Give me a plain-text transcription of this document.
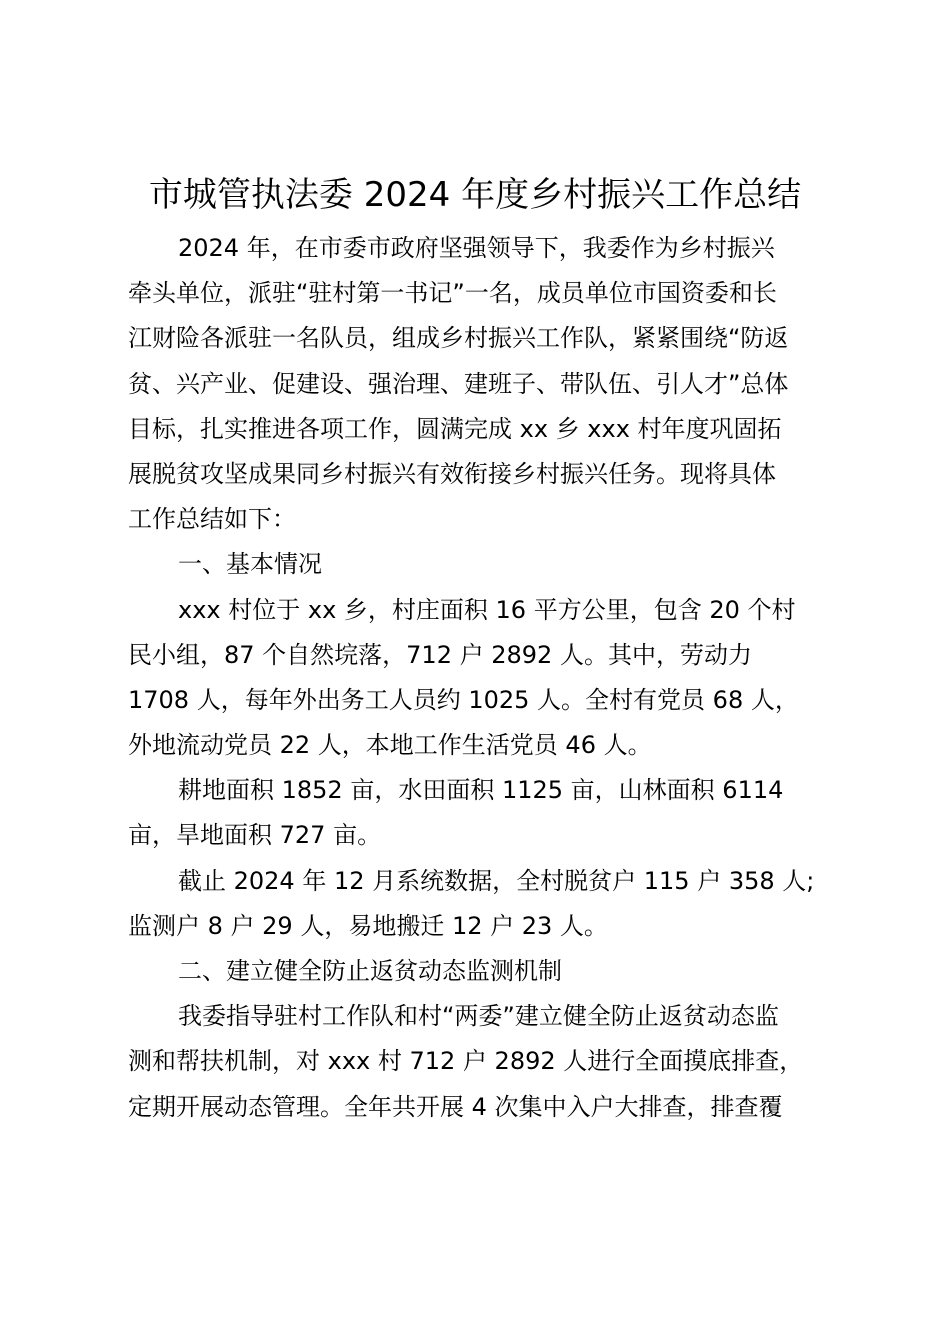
市城管执法委 2024 年度乡村振兴工作总结
2024 年，在市委市政府坚强领导下，我委作为乡村振兴
牵头单位，派驻“驻村第一书记”一名，成员单位市国资委和长
江财险各派驻一名队员，组成乡村振兴工作队，紧紧围绕“防返
贫、兴产业、促建设、强治理、建班子、带队伍、引人才”总体
目标，扎实推进各项工作，圆满完成 xx 乡 xxx 村年度巩固拓
展脱贫攻坚成果同乡村振兴有效衔接乡村振兴任务。现将具体
工作总结如下：
一、基本情况
xxx 村位于 xx 乡，村庄面积 16 平方公里，包含 20 个村
民小组，87 个自然垸落，712 户 2892 人。其中，劳动力
1708 人，每年外出务工人员约 1025 人。全村有党员 68 人，
外地流动党员 22 人，本地工作生活党员 46 人。
耕地面积 1852 亩，水田面积 1125 亩，山林面积 6114
亩，旱地面积 727 亩。
截止 2024 年 12 月系统数据，全村脱贫户 115 户 358 人;
监测户 8 户 29 人，易地搬迁 12 户 23 人。
二、建立健全防止返贫动态监测机制
我委指导驻村工作队和村“两委”建立健全防止返贫动态监
测和帮扶机制，对 xxx 村 712 户 2892 人进行全面摸底排查，
定期开展动态管理。全年共开展 4 次集中入户大排查，排查覆
